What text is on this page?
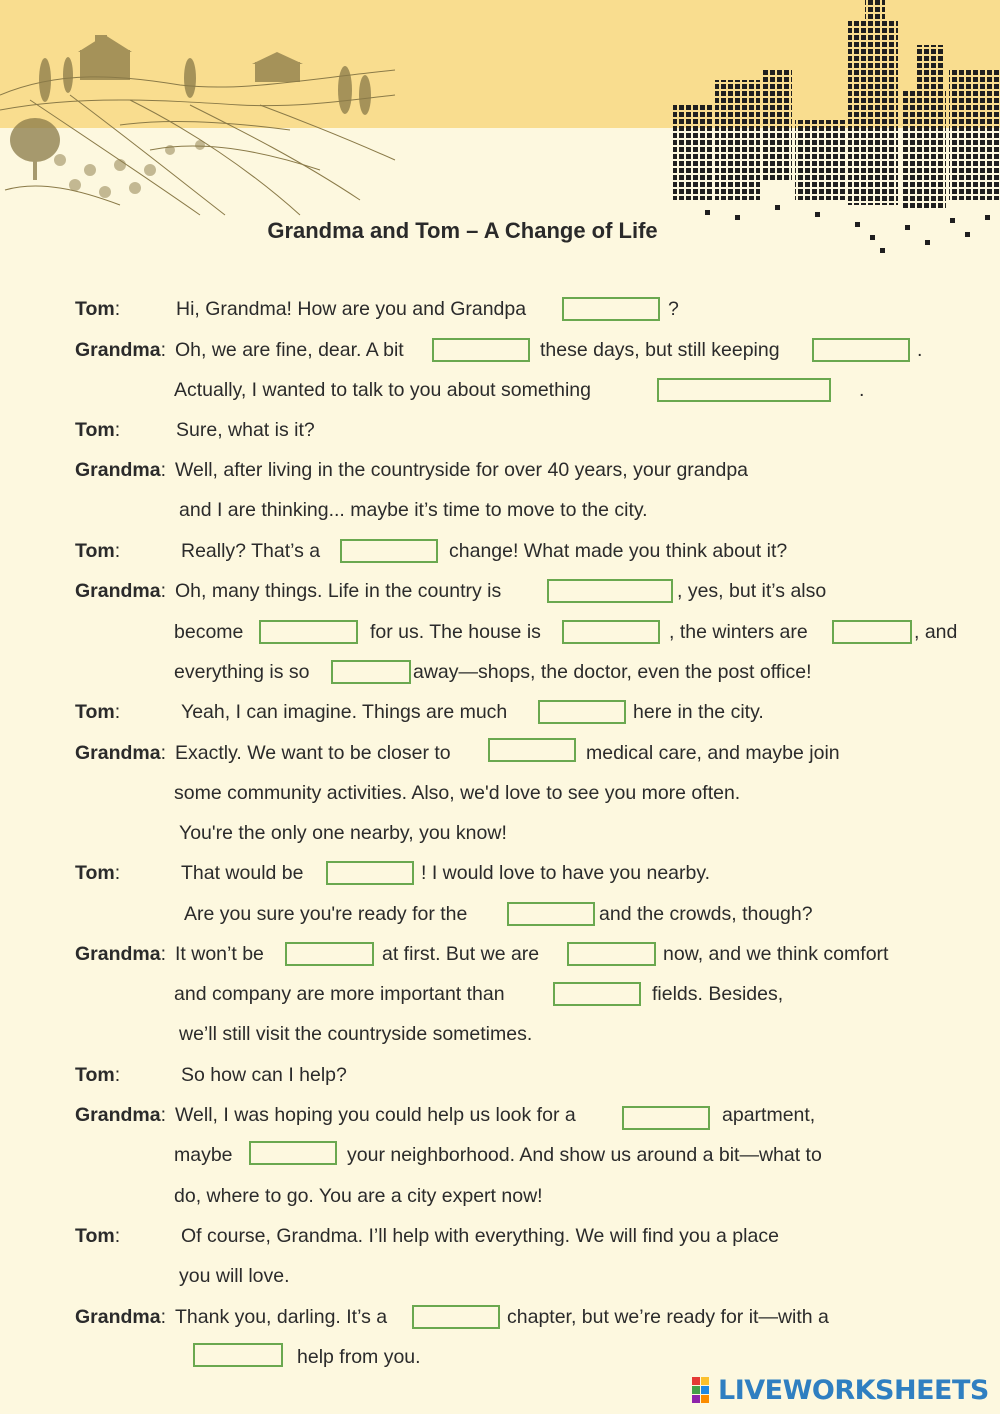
Grandma and Tom – A Change of Life
Tom:	Hi, Grandma! How are you and Grandpa	?
Grandma: Oh, we are fine, dear. A bit	these days, but still keeping	.
Actually, I wanted to talk to you about something	.
Tom:	Sure, what is it?
Grandma: Well, after living in the countryside for over 40 years, your grandpa
and I are thinking... maybe it’s time to move to the city.
Tom:	Really? That’s a	change! What made you think about it?
Grandma: Oh, many things. Life in the country is	, yes, but it’s also
become	for us. The house is	, the winters are	, and
everything is so	away—shops, the doctor, even the post office!
Tom:	Yeah, I can imagine. Things are much	here in the city.
Grandma: Exactly. We want to be closer to	medical care, and maybe join
some community activities. Also, we'd love to see you more often.
You're the only one nearby, you know!
Tom:	That would be	! I would love to have you nearby.
Are you sure you're ready for the	and the crowds, though?
Grandma: It won’t be	at first. But we are	now, and we think comfort
and company are more important than	fields. Besides,
we’ll still visit the countryside sometimes.
Tom:	So how can I help?
Grandma: Well, I was hoping you could help us look for a	apartment,
maybe	your neighborhood. And show us around a bit—what to
do, where to go. You are a city expert now!
Tom:	Of course, Grandma. I’ll help with everything. We will find you a place
you will love.
Grandma: Thank you, darling. It’s a	chapter, but we’re ready for it—with a
help from you.
LIVEWORKSHEETS
